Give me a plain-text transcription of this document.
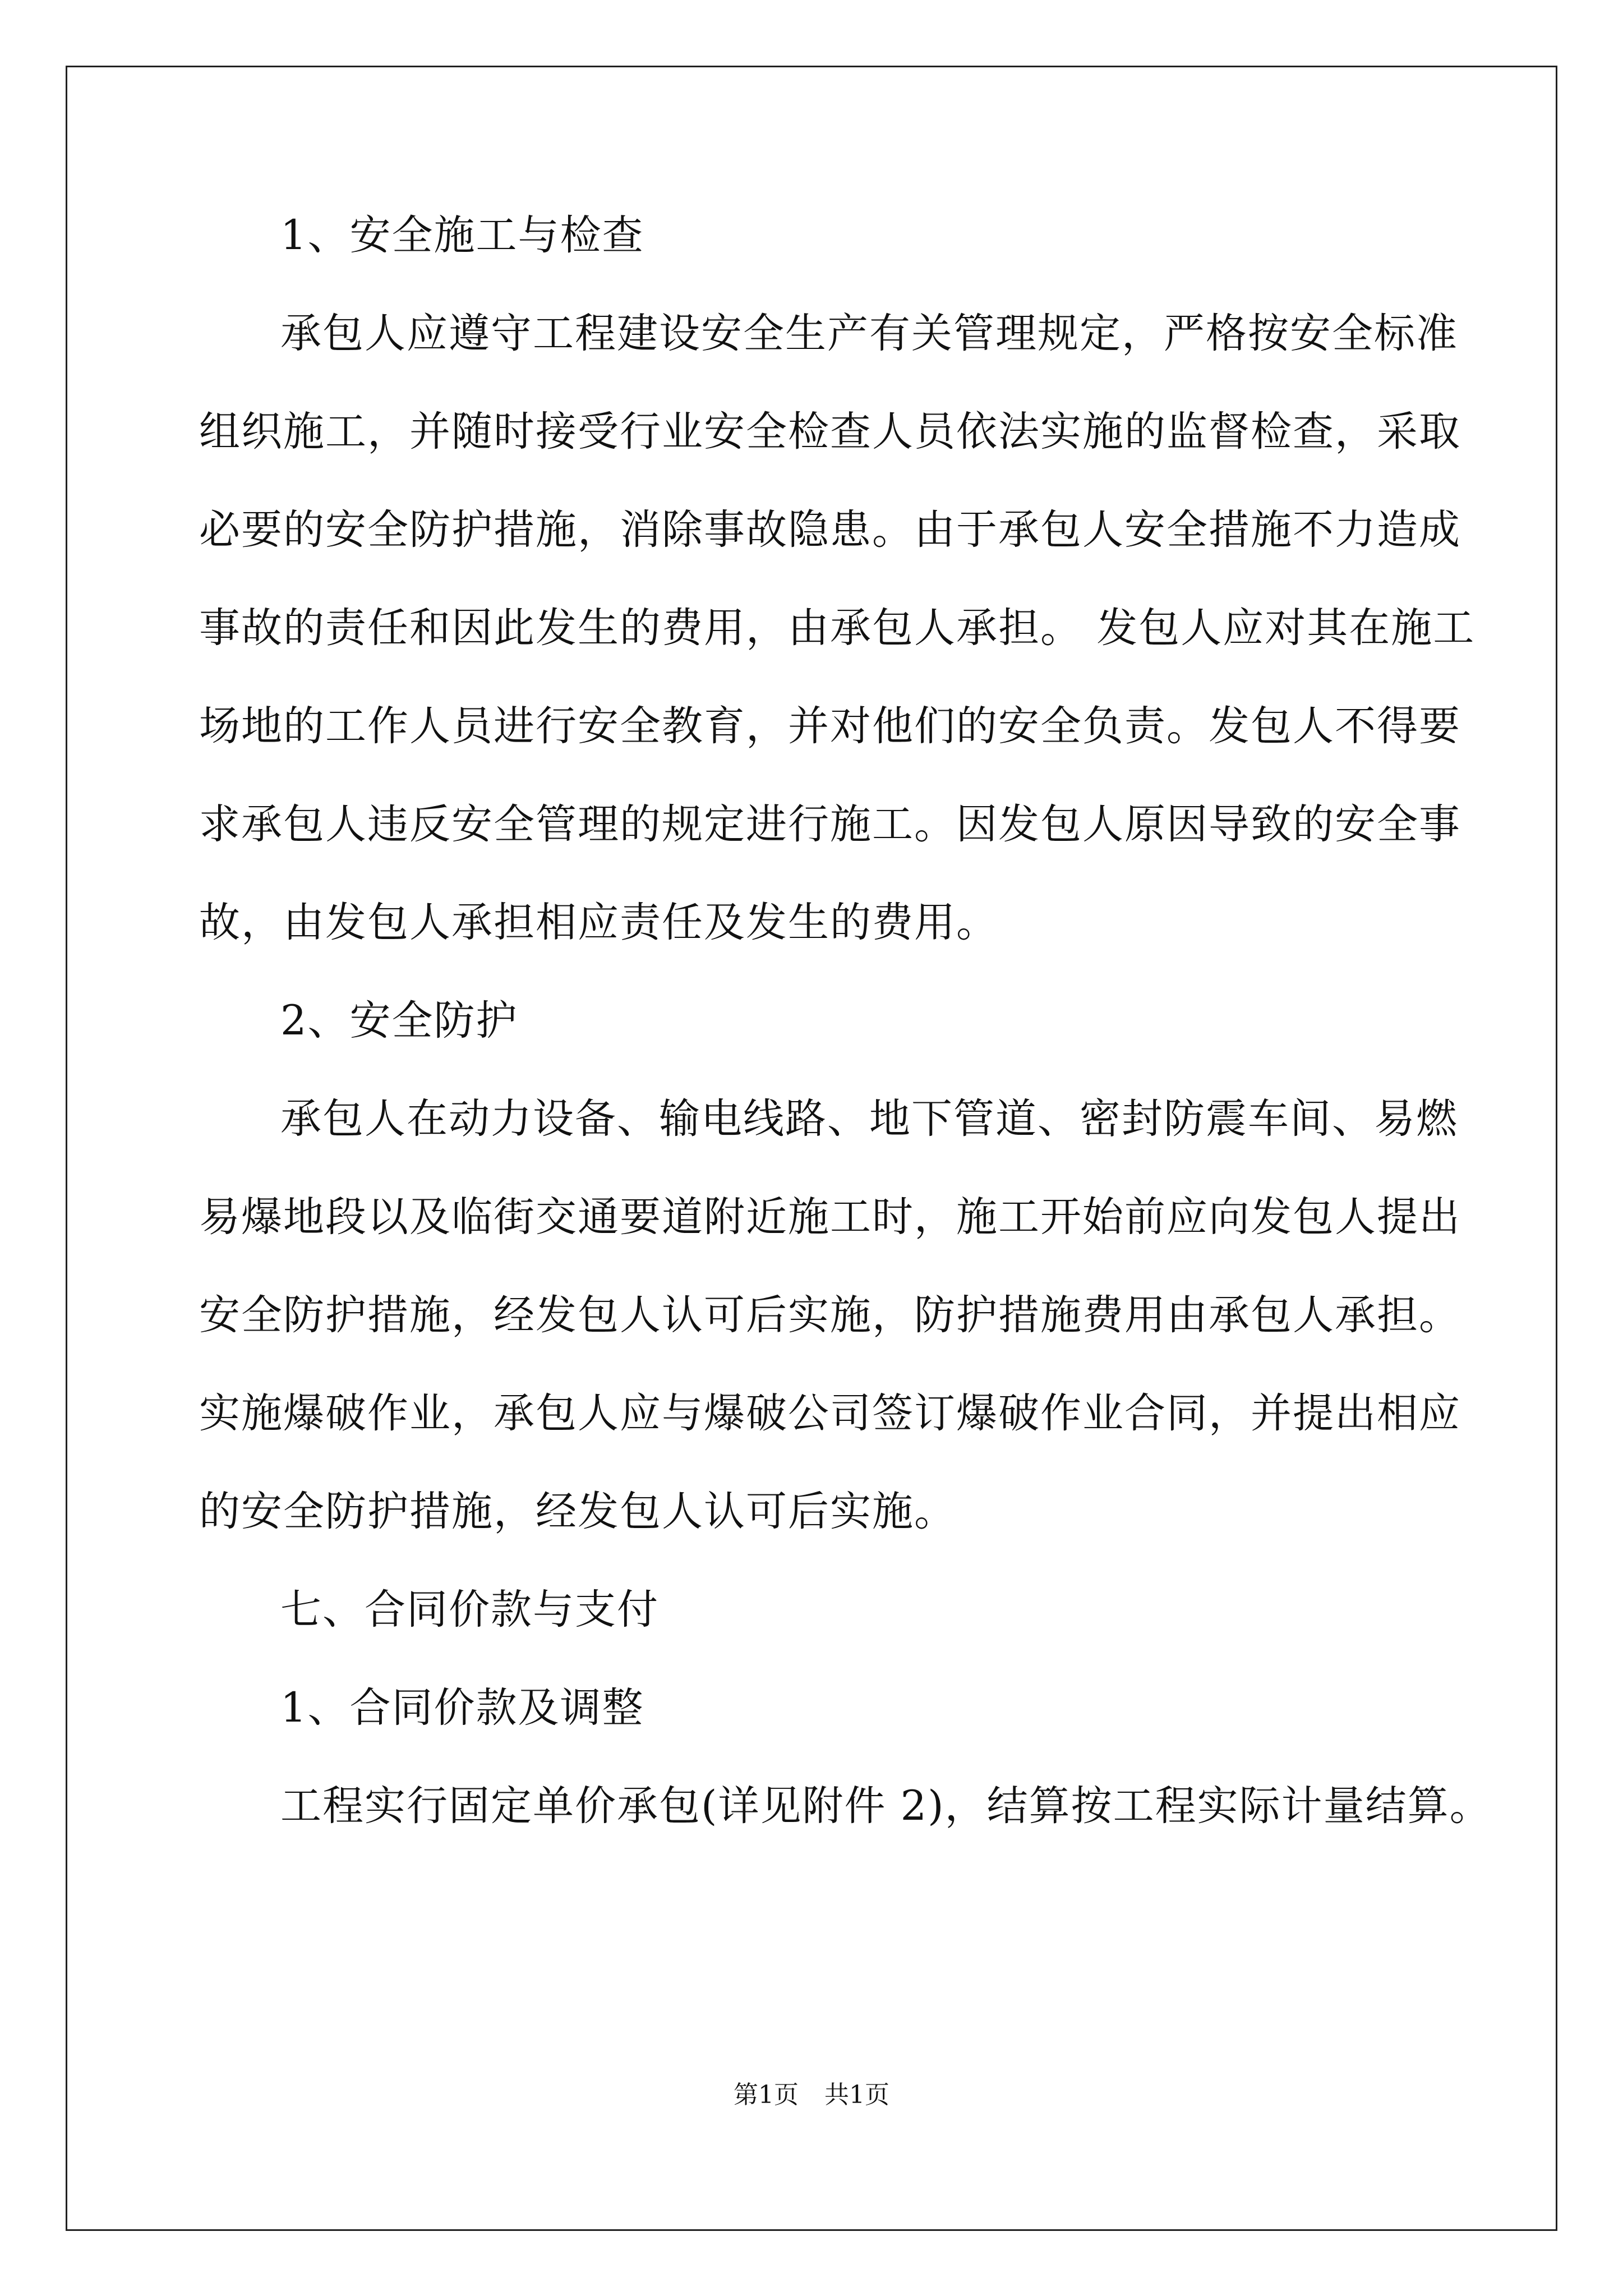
1、安全施工与检查
承包人应遵守工程建设安全生产有关管理规定，严格按安全标准
组织施工，并随时接受行业安全检查人员依法实施的监督检查，采取
必要的安全防护措施，消除事故隐患。由于承包人安全措施不力造成
事故的责任和因此发生的费用，由承包人承担。 发包人应对其在施工
场地的工作人员进行安全教育，并对他们的安全负责。发包人不得要
求承包人违反安全管理的规定进行施工。因发包人原因导致的安全事
故，由发包人承担相应责任及发生的费用。
2、安全防护
承包人在动力设备、输电线路、地下管道、密封防震车间、易燃
易爆地段以及临街交通要道附近施工时，施工开始前应向发包人提出
安全防护措施，经发包人认可后实施，防护措施费用由承包人承担。
实施爆破作业，承包人应与爆破公司签订爆破作业合同，并提出相应
的安全防护措施，经发包人认可后实施。
七、合同价款与支付
1、合同价款及调整
工程实行固定单价承包(详见附件 2)，结算按工程实际计量结算。
第1页 共1页
